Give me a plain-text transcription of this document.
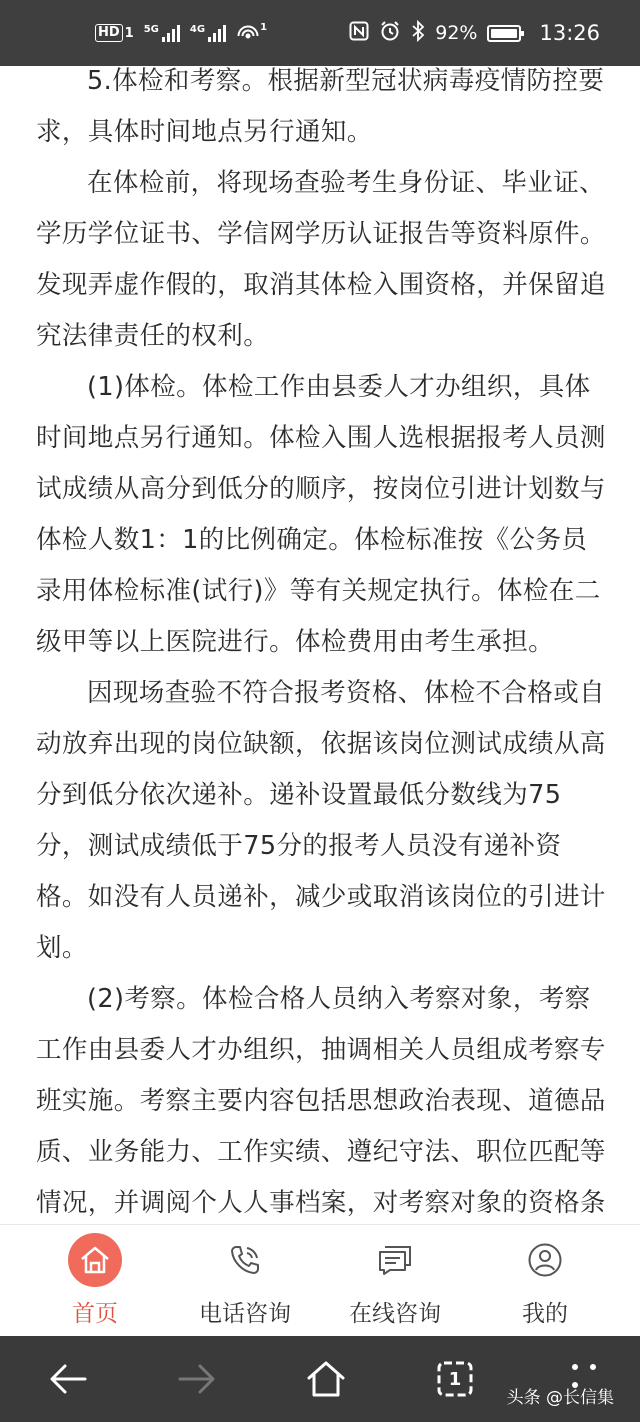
HD 1 5G	4G	1	92%	13:26

5.体检和考察。根据新型冠状病毒疫情防控要求，具体时间地点另行通知。

在体检前，将现场查验考生身份证、毕业证、学历学位证书、学信网学历认证报告等资料原件。发现弄虚作假的，取消其体检入围资格，并保留追究法律责任的权利。

(1)体检。体检工作由县委人才办组织，具体时间地点另行通知。体检入围人选根据报考人员测试成绩从高分到低分的顺序，按岗位引进计划数与体检人数1：1的比例确定。体检标准按《公务员录用体检标准(试行)》等有关规定执行。体检在二级甲等以上医院进行。体检费用由考生承担。

因现场查验不符合报考资格、体检不合格或自动放弃出现的岗位缺额，依据该岗位测试成绩从高分到低分依次递补。递补设置最低分数线为75分，测试成绩低于75分的报考人员没有递补资格。如没有人员递补，减少或取消该岗位的引进计划。

(2)考察。体检合格人员纳入考察对象，考察工作由县委人才办组织，抽调相关人员组成考察专班实施。考察主要内容包括思想政治表现、道德品质、业务能力、工作实绩、遵纪守法、职位匹配等情况，并调阅个人人事档案，对考察对象的资格条

首页	电话咨询	在线咨询	我的
1
头条 @长信集
